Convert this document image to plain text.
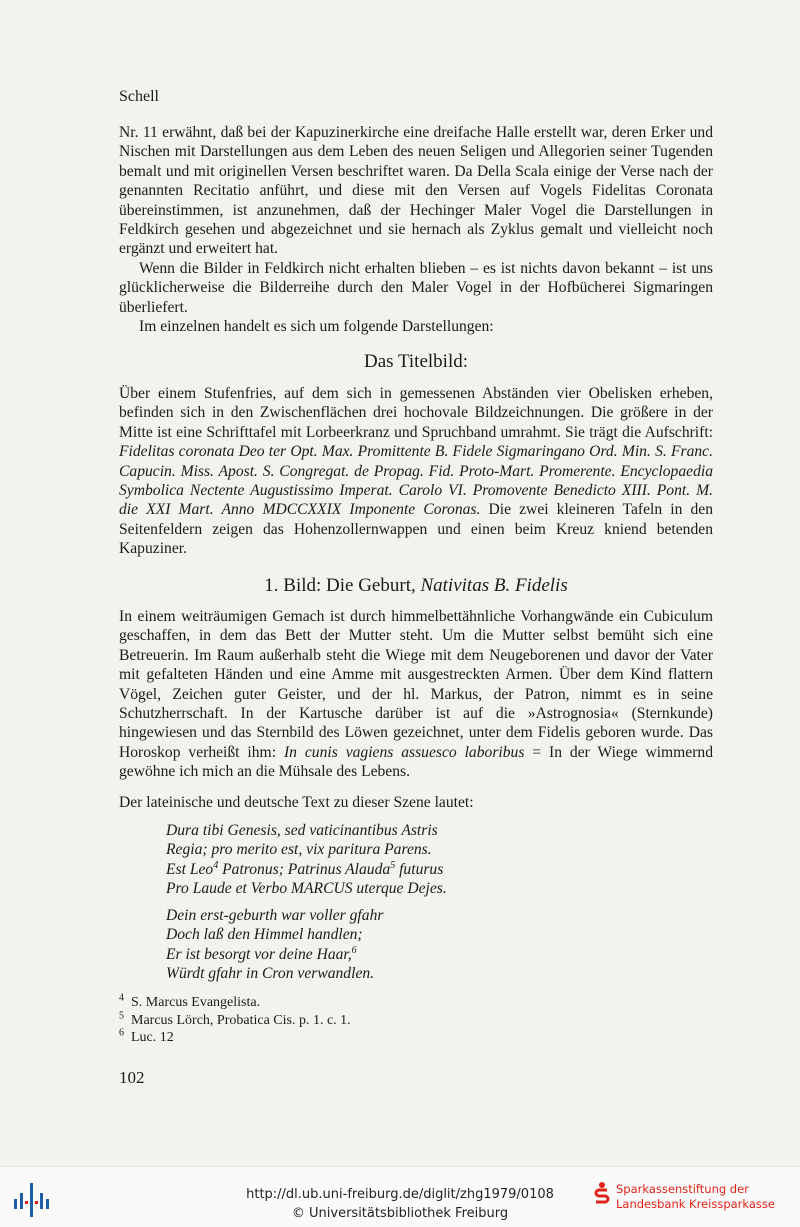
Schell

Nr. 11 erwähnt, daß bei der Kapuzinerkirche eine dreifache Halle erstellt war, deren Erker und Nischen mit Darstellungen aus dem Leben des neuen Seligen und Allegorien seiner Tugenden bemalt und mit originellen Versen beschriftet waren. Da Della Scala einige der Verse nach der genannten Recitatio anführt, und diese mit den Versen auf Vogels Fidelitas Coronata übereinstimmen, ist anzunehmen, daß der Hechinger Maler Vogel die Darstellungen in Feldkirch gesehen und abgezeichnet und sie hernach als Zyklus gemalt und vielleicht noch ergänzt und erweitert hat.

Wenn die Bilder in Feldkirch nicht erhalten blieben – es ist nichts davon bekannt – ist uns glücklicherweise die Bilderreihe durch den Maler Vogel in der Hofbücherei Sigmaringen überliefert.

Im einzelnen handelt es sich um folgende Darstellungen:

Das Titelbild:

Über einem Stufenfries, auf dem sich in gemessenen Abständen vier Obelisken erheben, befinden sich in den Zwischenflächen drei hochovale Bildzeichnungen. Die größere in der Mitte ist eine Schrifttafel mit Lorbeerkranz und Spruchband umrahmt. Sie trägt die Aufschrift: Fidelitas coronata Deo ter Opt. Max. Promittente B. Fidele Sigmaringano Ord. Min. S. Franc. Capucin. Miss. Apost. S. Congregat. de Propag. Fid. Proto-Mart. Promerente. Encyclopaedia Symbolica Nectente Augustissimo Imperat. Carolo VI. Promovente Benedicto XIII. Pont. M. die XXI Mart. Anno MDCCXXIX Imponente Coronas. Die zwei kleineren Tafeln in den Seitenfeldern zeigen das Hohenzollernwappen und einen beim Kreuz kniend betenden Kapuziner.

1. Bild: Die Geburt, Nativitas B. Fidelis

In einem weiträumigen Gemach ist durch himmelbettähnliche Vorhangwände ein Cubiculum geschaffen, in dem das Bett der Mutter steht. Um die Mutter selbst bemüht sich eine Betreuerin. Im Raum außerhalb steht die Wiege mit dem Neugeborenen und davor der Vater mit gefalteten Händen und eine Amme mit ausgestreckten Armen. Über dem Kind flattern Vögel, Zeichen guter Geister, und der hl. Markus, der Patron, nimmt es in seine Schutzherrschaft. In der Kartusche darüber ist auf die »Astrognosia« (Sternkunde) hingewiesen und das Sternbild des Löwen gezeichnet, unter dem Fidelis geboren wurde. Das Horoskop verheißt ihm: In cunis vagiens assuesco laboribus = In der Wiege wimmernd gewöhne ich mich an die Mühsale des Lebens.

Der lateinische und deutsche Text zu dieser Szene lautet:

Dura tibi Genesis, sed vaticinantibus Astris
Regia; pro merito est, vix paritura Parens.
Est Leo$^4$ Patronus; Patrinus Alauda$^5$ futurus
Pro Laude et Verbo MARCUS uterque Dejes.
Dein erst-geburth war voller gfahr
Doch laß den Himmel handlen;
Er ist besorgt vor deine Haar,$^6$
Würdt gfahr in Cron verwandlen.
$^4$ S. Marcus Evangelista.
$^5$ Marcus Lörch, Probatica Cis. p. 1. c. 1.
$^6$ Luc. 12
102
http://dl.ub.uni-freiburg.de/diglit/zhg1979/0108
© Universitätsbibliothek Freiburg
Sparkassenstiftung der
Landesbank Kreissparkasse
